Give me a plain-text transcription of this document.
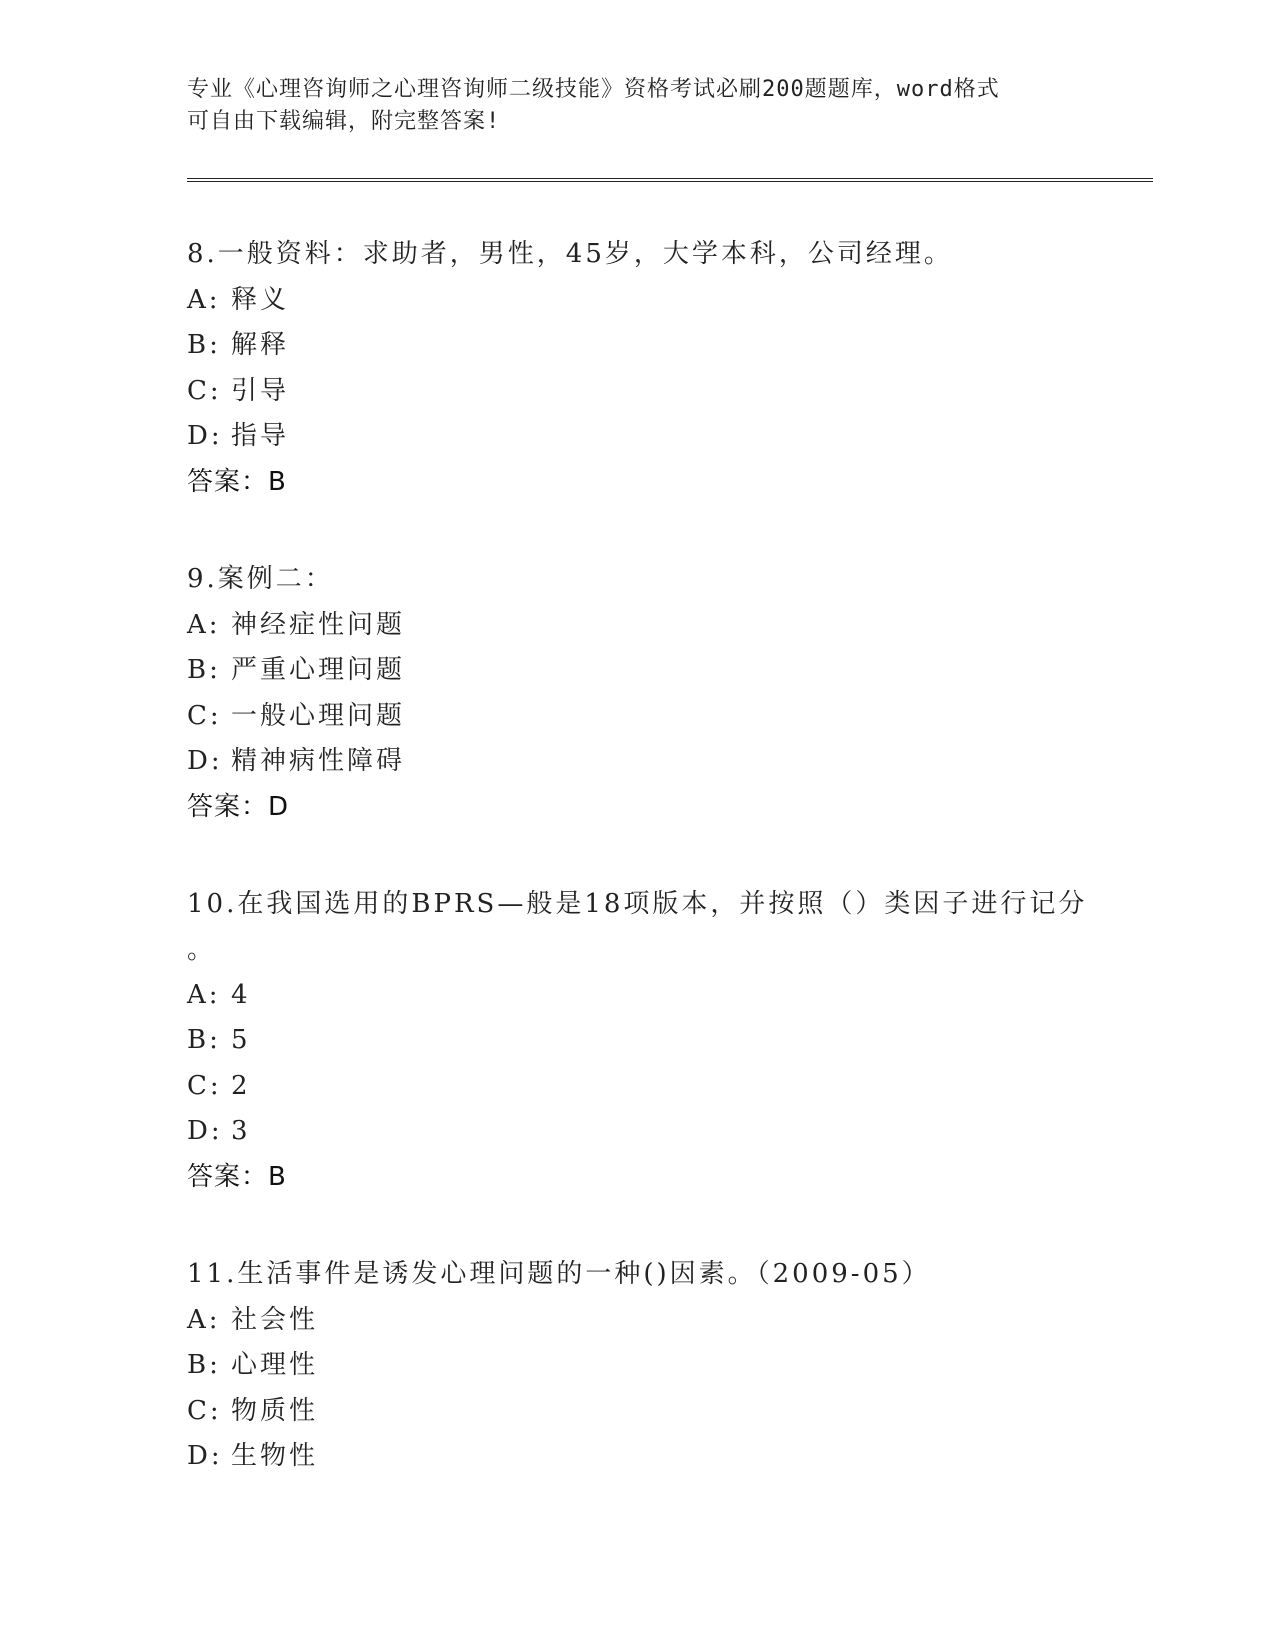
专业《心理咨询师之心理咨询师二级技能》资格考试必刷200题题库，word格式
可自由下载编辑，附完整答案!
8.一般资料：求助者，男性，45岁，大学本科，公司经理。
A: 释义
B: 解释
C: 引导
D: 指导
答案：B
9.案例二：
A: 神经症性问题
B: 严重心理问题
C: 一般心理问题
D: 精神病性障碍
答案：D
10.在我国选用的BPRS—般是18项版本，并按照（）类因子进行记分
。
A: 4
B: 5
C: 2
D: 3
答案：B
11.生活事件是诱发心理问题的一种()因素。（2009-05）
A: 社会性
B: 心理性
C: 物质性
D: 生物性
